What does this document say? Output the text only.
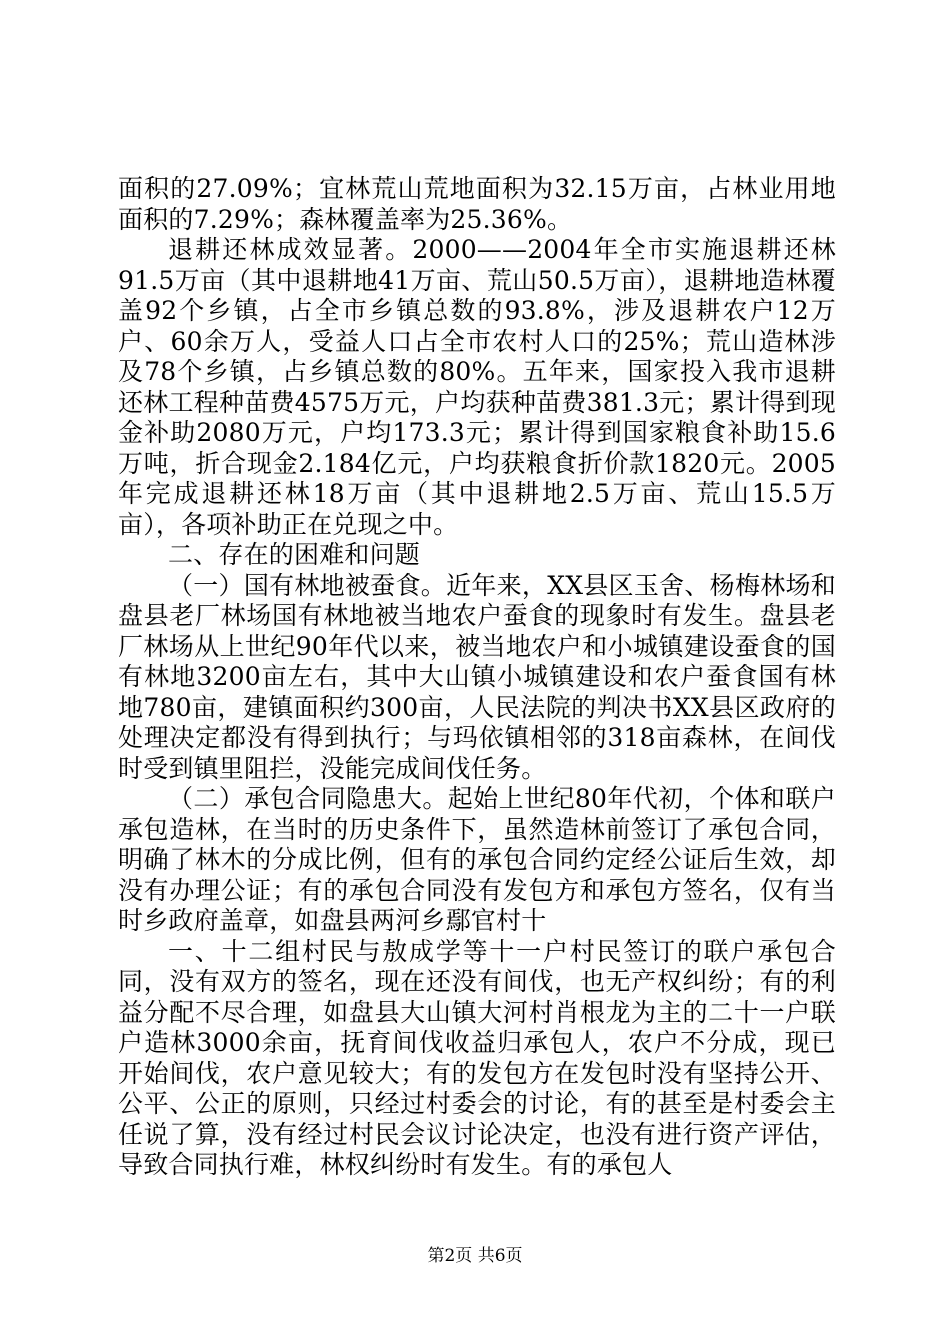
面积的27.09%；宜林荒山荒地面积为32.15万亩，占林业用地面积的7.29%；森林覆盖率为25.36%。

退耕还林成效显著。2000——2004年全市实施退耕还林91.5万亩（其中退耕地41万亩、荒山50.5万亩），退耕地造林覆盖92个乡镇，占全市乡镇总数的93.8%，涉及退耕农户12万户、60余万人，受益人口占全市农村人口的25%；荒山造林涉及78个乡镇，占乡镇总数的80%。五年来，国家投入我市退耕还林工程种苗费4575万元，户均获种苗费381.3元；累计得到现金补助2080万元，户均173.3元；累计得到国家粮食补助15.6万吨，折合现金2.184亿元，户均获粮食折价款1820元。2005年完成退耕还林18万亩（其中退耕地2.5万亩、荒山15.5万亩），各项补助正在兑现之中。

二、存在的困难和问题

（一）国有林地被蚕食。近年来，XX县区玉舍、杨梅林场和盘县老厂林场国有林地被当地农户蚕食的现象时有发生。盘县老厂林场从上世纪90年代以来，被当地农户和小城镇建设蚕食的国有林地3200亩左右，其中大山镇小城镇建设和农户蚕食国有林地780亩，建镇面积约300亩，人民法院的判决书XX县区政府的处理决定都没有得到执行；与玛依镇相邻的318亩森林，在间伐时受到镇里阻拦，没能完成间伐任务。

（二）承包合同隐患大。起始上世纪80年代初，个体和联户承包造林，在当时的历史条件下，虽然造林前签订了承包合同，明确了林木的分成比例，但有的承包合同约定经公证后生效，却没有办理公证；有的承包合同没有发包方和承包方签名，仅有当时乡政府盖章，如盘县两河乡鄢官村十

一、十二组村民与敖成学等十一户村民签订的联户承包合同，没有双方的签名，现在还没有间伐，也无产权纠纷；有的利益分配不尽合理，如盘县大山镇大河村肖根龙为主的二十一户联户造林3000余亩，抚育间伐收益归承包人，农户不分成，现已开始间伐，农户意见较大；有的发包方在发包时没有坚持公开、公平、公正的原则，只经过村委会的讨论，有的甚至是村委会主任说了算，没有经过村民会议讨论决定，也没有进行资产评估，导致合同执行难，林权纠纷时有发生。有的承包人

第2页 共6页
